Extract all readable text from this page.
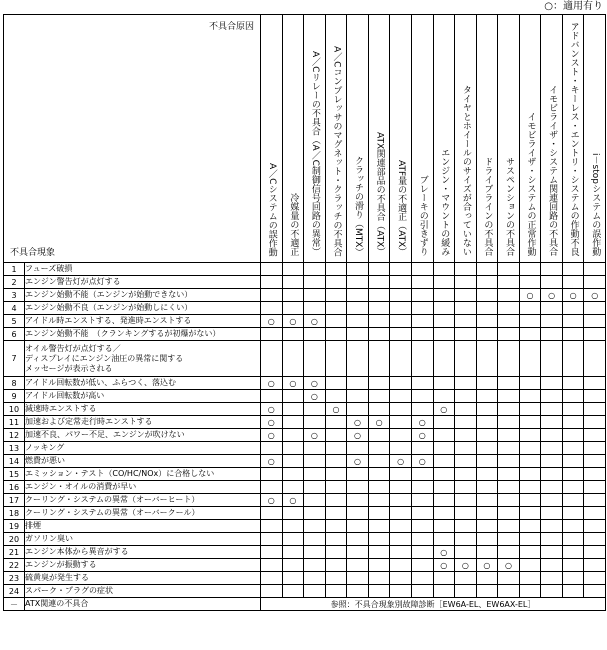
○：適用有り
不具合原因
不具合現象		A／Cシステムの誤作動	冷媒量の不適正	A／Cリレーの不具合（A／C制御信号回路の異常）	A／Cコンプレッサのマグネット・クラッチの不具合	クラッチの滑り（MTX）	ATX関連部品の不具合（ATX）	ATF量の不適正（ATX）	ブレーキの引きずり	エンジン・マウントの緩み	タイヤとホイールのサイズが合っていない	ドライブラインの不具合	サスペンションの不具合	イモビライザ・システムの正常作動	イモビライザ・システム関連回路の不具合	アドバンスト・キーレス・エントリ・システムの作動不良	i－stopシステムの誤作動
1	フューズ破損																
2	エンジン警告灯が点灯する																
3	エンジン始動不能（エンジンが始動できない）													○	○	○	○
4	エンジン始動不良（エンジンが始動しにくい）																
5	アイドル時エンストする、発進時エンストする	○	○	○													
6	エンジン始動不能　（クランキングするが初爆がない）																
7	オイル警告灯が点灯する／
ディスプレイにエンジン油圧の異常に関する
メッセージが表示される																
8	アイドル回転数が低い、ふらつく、落込む	○	○	○													
9	アイドル回転数が高い			○													
10	減速時エンストする	○			○					○							
11	加速および定常走行時エンストする	○				○	○		○								
12	加速不良、パワー不足、エンジンが吹けない	○		○		○			○								
13	ノッキング																
14	燃費が悪い	○				○		○	○								
15	エミッション・テスト（CO/HC/NOx）に合格しない																
16	エンジン・オイルの消費が早い																
17	クーリング・システムの異常（オーバーヒート）	○	○														
18	クーリング・システムの異常（オーバークール）																
19	排煙																
20	ガソリン臭い																
21	エンジン本体から異音がする									○							
22	エンジンが振動する									○	○	○	○				
23	硫黄臭が発生する																
24	スパーク・プラグの症状																
－	ATX関連の不具合	参照：不具合現象別故障診断［EW6A-EL、EW6AX-EL］															
